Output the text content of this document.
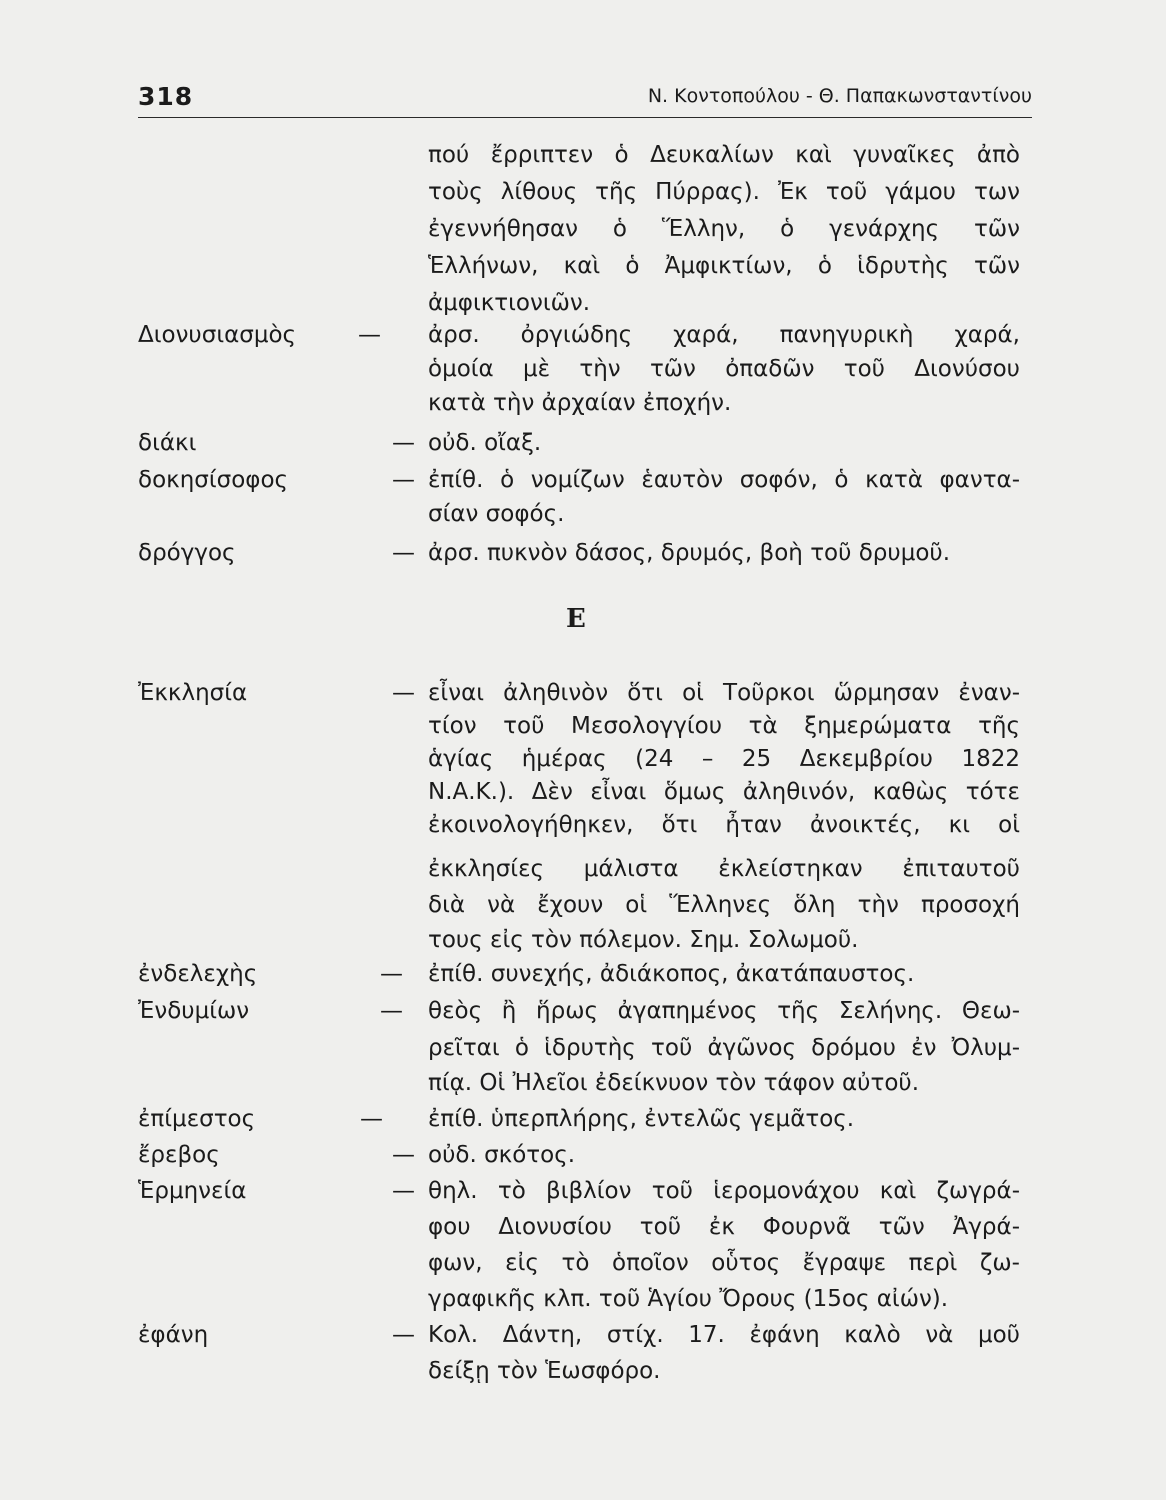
318	Ν. Κοντοπούλου - Θ. Παπακωνσταντίνου
πού ἔρριπτεν ὁ Δευκαλίων καὶ γυναῖκες ἀπὸ
τοὺς λίθους τῆς Πύρρας). Ἐκ τοῦ γάμου των
ἐγεννήθησαν ὁ Ἕλλην, ὁ γενάρχης τῶν
Ἑλλήνων, καὶ ὁ Ἀμφικτίων, ὁ ἱδρυτὴς τῶν
ἀμφικτιονιῶν.
Διονυσιασμὸς	— ἀρσ. ὀργιώδης χαρά, πανηγυρικὴ χαρά,
ὁμοία μὲ τὴν τῶν ὀπαδῶν τοῦ Διονύσου
κατὰ τὴν ἀρχαίαν ἐποχήν.
διάκι	— οὐδ. οἴαξ.
δοκησίσοφος	— ἐπίθ. ὁ νομίζων ἑαυτὸν σοφόν, ὁ κατὰ φαντα-
σίαν σοφός.
δρόγγος	— ἀρσ. πυκνὸν δάσος, δρυμός, βοὴ τοῦ δρυμοῦ.
Ε
Ἐκκλησία	— εἶναι ἀληθινὸν ὅτι οἱ Τοῦρκοι ὥρμησαν ἐναν-
τίον τοῦ Μεσολογγίου τὰ ξημερώματα τῆς
ἁγίας ἡμέρας (24 – 25 Δεκεμβρίου 1822
Ν.Α.Κ.). Δὲν εἶναι ὅμως ἀληθινόν, καθὼς τότε
ἐκοινολογήθηκεν, ὅτι ἦταν ἀνοικτές, κι οἱ
ἐκκλησίες μάλιστα ἐκλείστηκαν ἐπιταυτοῦ
διὰ νὰ ἔχουν οἱ Ἕλληνες ὅλη τὴν προσοχή
τους εἰς τὸν πόλεμον. Σημ. Σολωμοῦ.
ἐνδελεχὴς	— ἐπίθ. συνεχής, ἀδιάκοπος, ἀκατάπαυστος.
Ἐνδυμίων	— θεὸς ἢ ἥρως ἀγαπημένος τῆς Σελήνης. Θεω-
ρεῖται ὁ ἱδρυτὴς τοῦ ἀγῶνος δρόμου ἐν Ὀλυμ-
πίᾳ. Οἱ Ἠλεῖοι ἐδείκνυον τὸν τάφον αὐτοῦ.
ἐπίμεστος	— ἐπίθ. ὑπερπλήρης, ἐντελῶς γεμᾶτος.
ἔρεβος	— οὐδ. σκότος.
Ἑρμηνεία	— θηλ. τὸ βιβλίον τοῦ ἱερομονάχου καὶ ζωγρά-
φου Διονυσίου τοῦ ἐκ Φουρνᾶ τῶν Ἀγρά-
φων, εἰς τὸ ὁποῖον οὗτος ἔγραψε περὶ ζω-
γραφικῆς κλπ. τοῦ Ἁγίου Ὄρους (15ος αἰών).
ἐφάνη	— Κολ. Δάντη, στίχ. 17. ἐφάνη καλὸ νὰ μοῦ
δείξῃ τὸν Ἑωσφόρο.
